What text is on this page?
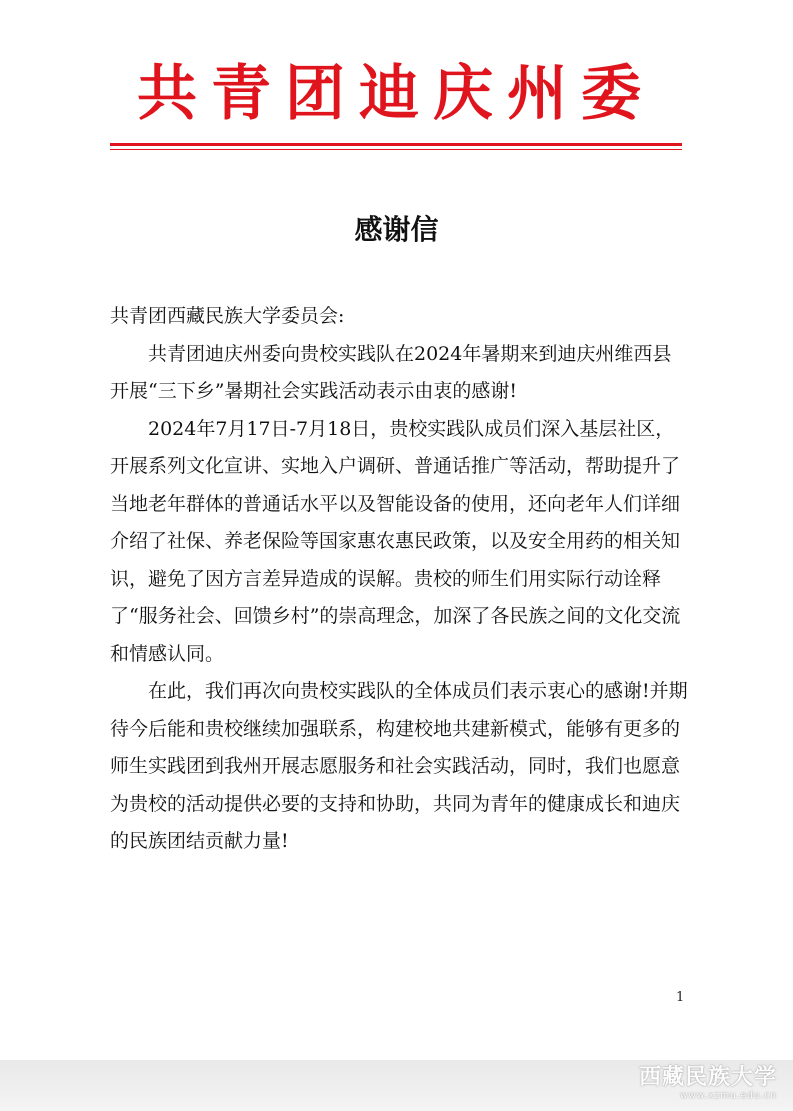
共青团迪庆州委
感谢信

共青团西藏民族大学委员会:

共青团迪庆州委向贵校实践队在2024年暑期来到迪庆州维西县开展“三下乡”暑期社会实践活动表示由衷的感谢!

2024年7月17日-7月18日，贵校实践队成员们深入基层社区，开展系列文化宣讲、实地入户调研、普通话推广等活动，帮助提升了当地老年群体的普通话水平以及智能设备的使用，还向老年人们详细介绍了社保、养老保险等国家惠农惠民政策，以及安全用药的相关知识，避免了因方言差异造成的误解。贵校的师生们用实际行动诠释了“服务社会、回馈乡村”的崇高理念，加深了各民族之间的文化交流和情感认同。

在此，我们再次向贵校实践队的全体成员们表示衷心的感谢!并期待今后能和贵校继续加强联系，构建校地共建新模式，能够有更多的师生实践团到我州开展志愿服务和社会实践活动，同时，我们也愿意为贵校的活动提供必要的支持和协助，共同为青年的健康成长和迪庆的民族团结贡献力量!

1
西藏民族大学
www.xzmu.edu.cn
